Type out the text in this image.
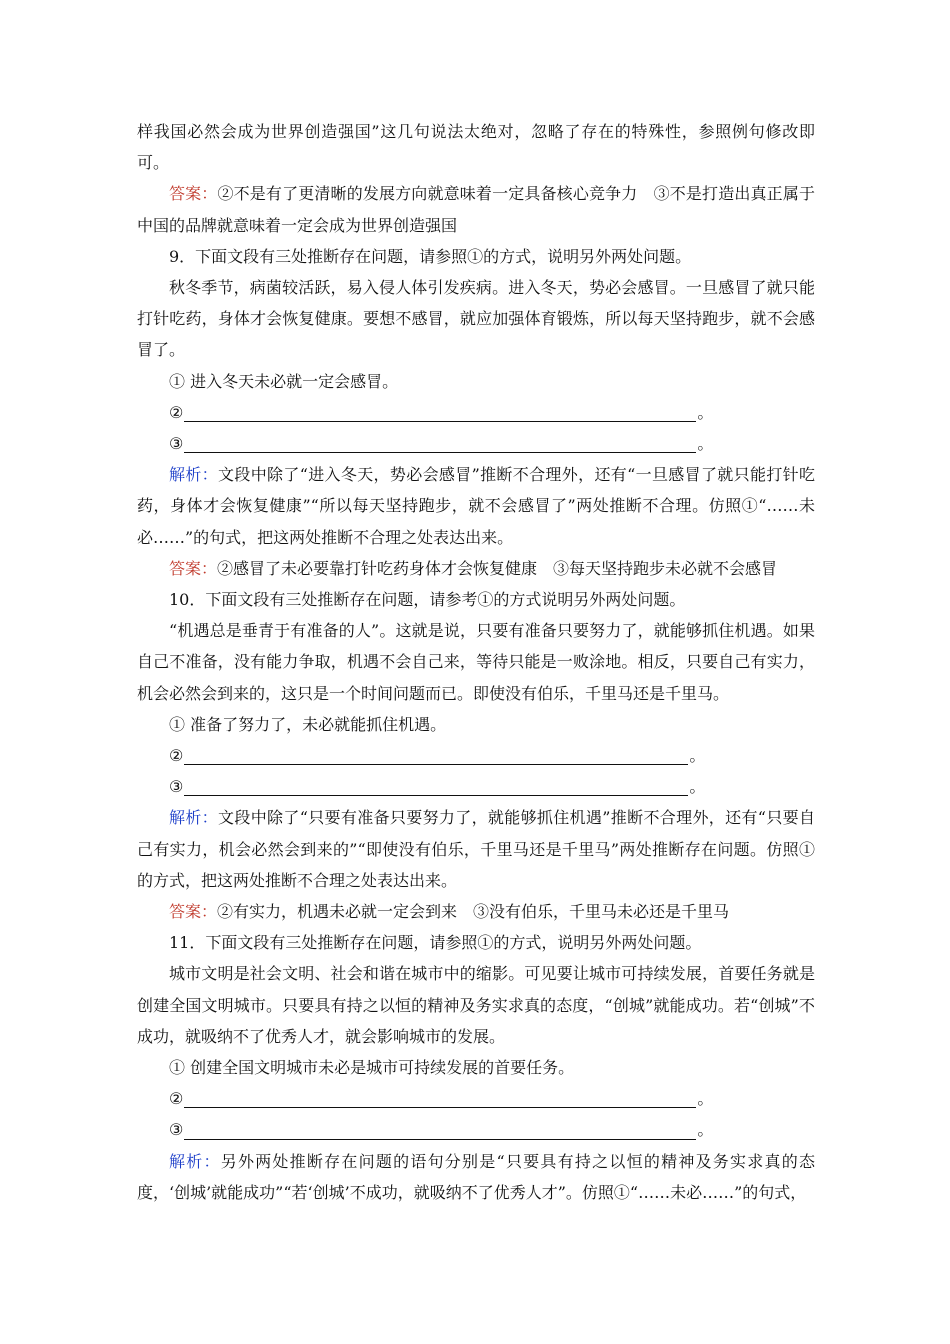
样我国必然会成为世界创造强国”这几句说法太绝对，忽略了存在的特殊性，参照例句修改即可。

答案：②不是有了更清晰的发展方向就意味着一定具备核心竞争力　③不是打造出真正属于中国的品牌就意味着一定会成为世界创造强国

9．下面文段有三处推断存在问题，请参照①的方式，说明另外两处问题。

秋冬季节，病菌较活跃，易入侵人体引发疾病。进入冬天，势必会感冒。一旦感冒了就只能打针吃药，身体才会恢复健康。要想不感冒，就应加强体育锻炼，所以每天坚持跑步，就不会感冒了。

① 进入冬天未必就一定会感冒。

②	。
③	。

解析：文段中除了“进入冬天，势必会感冒”推断不合理外，还有“一旦感冒了就只能打针吃药，身体才会恢复健康”“所以每天坚持跑步，就不会感冒了”两处推断不合理。仿照①“……未必……”的句式，把这两处推断不合理之处表达出来。

答案：②感冒了未必要靠打针吃药身体才会恢复健康　③每天坚持跑步未必就不会感冒

10．下面文段有三处推断存在问题，请参考①的方式说明另外两处问题。

“机遇总是垂青于有准备的人”。这就是说，只要有准备只要努力了，就能够抓住机遇。如果自己不准备，没有能力争取，机遇不会自己来，等待只能是一败涂地。相反，只要自己有实力，机会必然会到来的，这只是一个时间问题而已。即使没有伯乐，千里马还是千里马。

① 准备了努力了，未必就能抓住机遇。

②	。
③	。

解析：文段中除了“只要有准备只要努力了，就能够抓住机遇”推断不合理外，还有“只要自己有实力，机会必然会到来的”“即使没有伯乐，千里马还是千里马”两处推断存在问题。仿照①的方式，把这两处推断不合理之处表达出来。

答案：②有实力，机遇未必就一定会到来　③没有伯乐，千里马未必还是千里马

11．下面文段有三处推断存在问题，请参照①的方式，说明另外两处问题。

城市文明是社会文明、社会和谐在城市中的缩影。可见要让城市可持续发展，首要任务就是创建全国文明城市。只要具有持之以恒的精神及务实求真的态度，“创城”就能成功。若“创城”不成功，就吸纳不了优秀人才，就会影响城市的发展。

① 创建全国文明城市未必是城市可持续发展的首要任务。

②	。
③	。

解析：另外两处推断存在问题的语句分别是“只要具有持之以恒的精神及务实求真的态度，‘创城’就能成功”“若‘创城’不成功，就吸纳不了优秀人才”。仿照①“……未必……”的句式，
